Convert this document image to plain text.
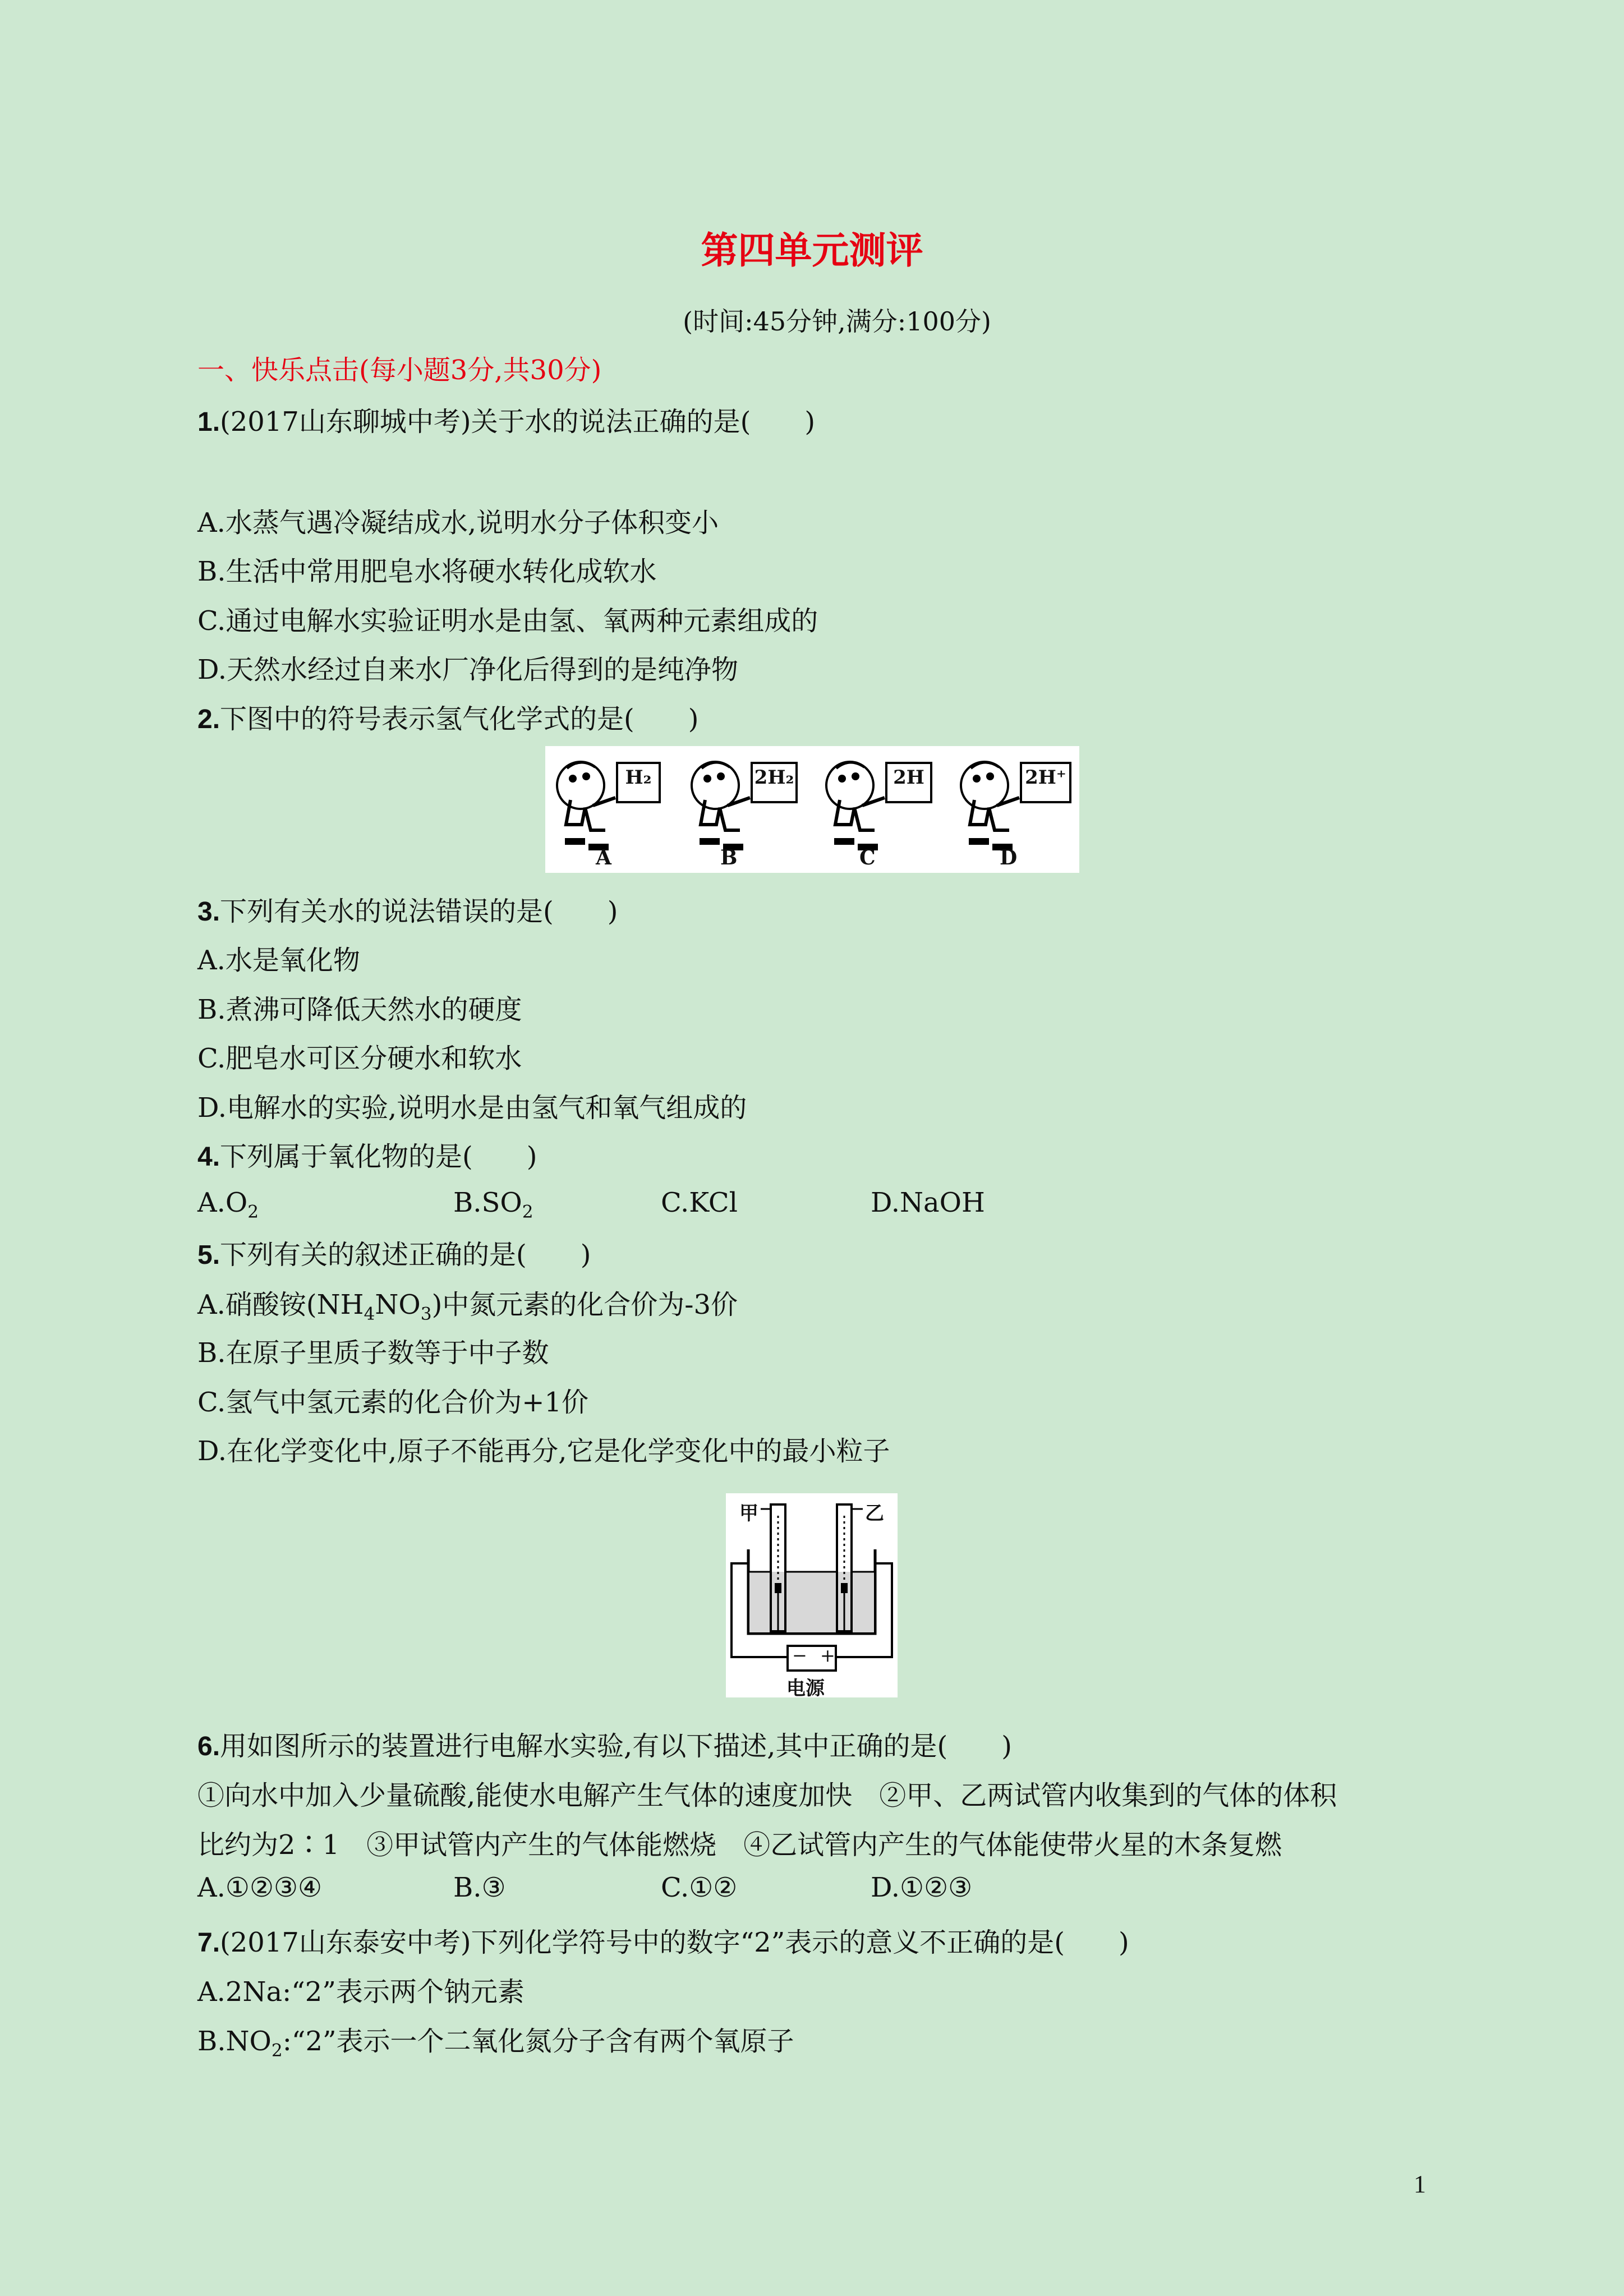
第四单元测评
(时间:45分钟,满分:100分)
一、快乐点击(每小题3分,共30分)
1.(2017山东聊城中考)关于水的说法正确的是(　　)
A.水蒸气遇冷凝结成水,说明水分子体积变小
B.生活中常用肥皂水将硬水转化成软水
C.通过电解水实验证明水是由氢、氧两种元素组成的
D.天然水经过自来水厂净化后得到的是纯净物
2.下图中的符号表示氢气化学式的是(　　)
H₂	2H₂	2H	2H⁺
A	B	C	D
3.下列有关水的说法错误的是(　　)
A.水是氧化物
B.煮沸可降低天然水的硬度
C.肥皂水可区分硬水和软水
D.电解水的实验,说明水是由氢气和氧气组成的
4.下列属于氧化物的是(　　)
$A.O_2$	$B.SO_2$	C.KCl	D.NaOH
5.下列有关的叙述正确的是(　　)
A.硝酸铵$(NH_4NO_3)$中氮元素的化合价为-3价
B.在原子里质子数等于中子数
C.氢气中氢元素的化合价为+1价
D.在化学变化中,原子不能再分,它是化学变化中的最小粒子
甲	乙
− +
电源
6.用如图所示的装置进行电解水实验,有以下描述,其中正确的是(　　)
①向水中加入少量硫酸,能使水电解产生气体的速度加快　②甲、乙两试管内收集到的气体的体积
比约为2∶1　③甲试管内产生的气体能燃烧　④乙试管内产生的气体能使带火星的木条复燃
A.①②③④	B.③	C.①②	D.①②③
7.(2017山东泰安中考)下列化学符号中的数字“2”表示的意义不正确的是(　　)
A.2Na:“2”表示两个钠元素
$B.NO_2:“2$”表示一个二氧化氮分子含有两个氧原子
1
